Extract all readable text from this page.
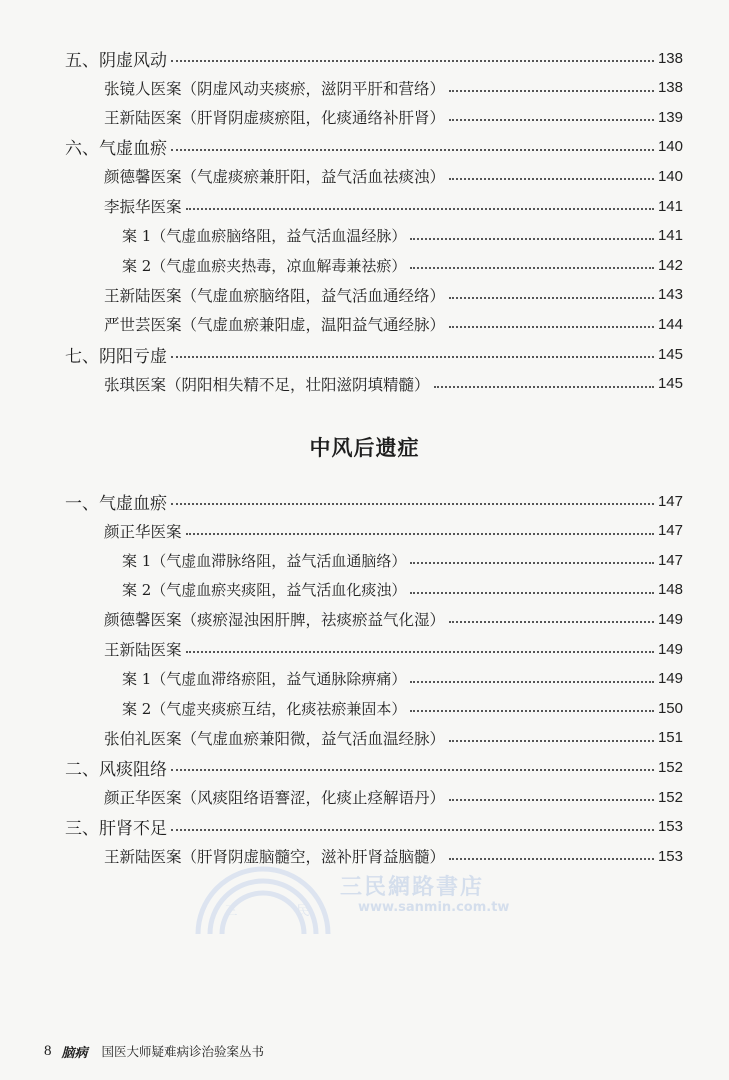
五、阴虚风动	138
张镜人医案（阴虚风动夹痰瘀，滋阴平肝和营络）	138
王新陆医案（肝肾阴虚痰瘀阻，化痰通络补肝肾）	139
六、气虚血瘀	140
颜德馨医案（气虚痰瘀兼肝阳，益气活血祛痰浊）	140
李振华医案	141
案 1（气虚血瘀脑络阻，益气活血温经脉）	141
案 2（气虚血瘀夹热毒，凉血解毒兼祛瘀）	142
王新陆医案（气虚血瘀脑络阻，益气活血通经络）	143
严世芸医案（气虚血瘀兼阳虚，温阳益气通经脉）	144
七、阴阳亏虚	145
张琪医案（阴阳相失精不足，壮阳滋阴填精髓）	145
中风后遗症
一、气虚血瘀	147
颜正华医案	147
案 1（气虚血滞脉络阻，益气活血通脑络）	147
案 2（气虚血瘀夹痰阻，益气活血化痰浊）	148
颜德馨医案（痰瘀湿浊困肝脾，祛痰瘀益气化湿）	149
王新陆医案	149
案 1（气虚血滞络瘀阻，益气通脉除痹痛）	149
案 2（气虚夹痰瘀互结，化痰祛瘀兼固本）	150
张伯礼医案（气虚血瘀兼阳微，益气活血温经脉）	151
二、风痰阻络	152
颜正华医案（风痰阻络语謇涩，化痰止痉解语丹）	152
三、肝肾不足	153
王新陆医案（肝肾阴虚脑髓空，滋补肝肾益脑髓）	153
三	民
三民網路書店
www.sanmin.com.tw
8 脑病 国医大师疑难病诊治验案丛书
